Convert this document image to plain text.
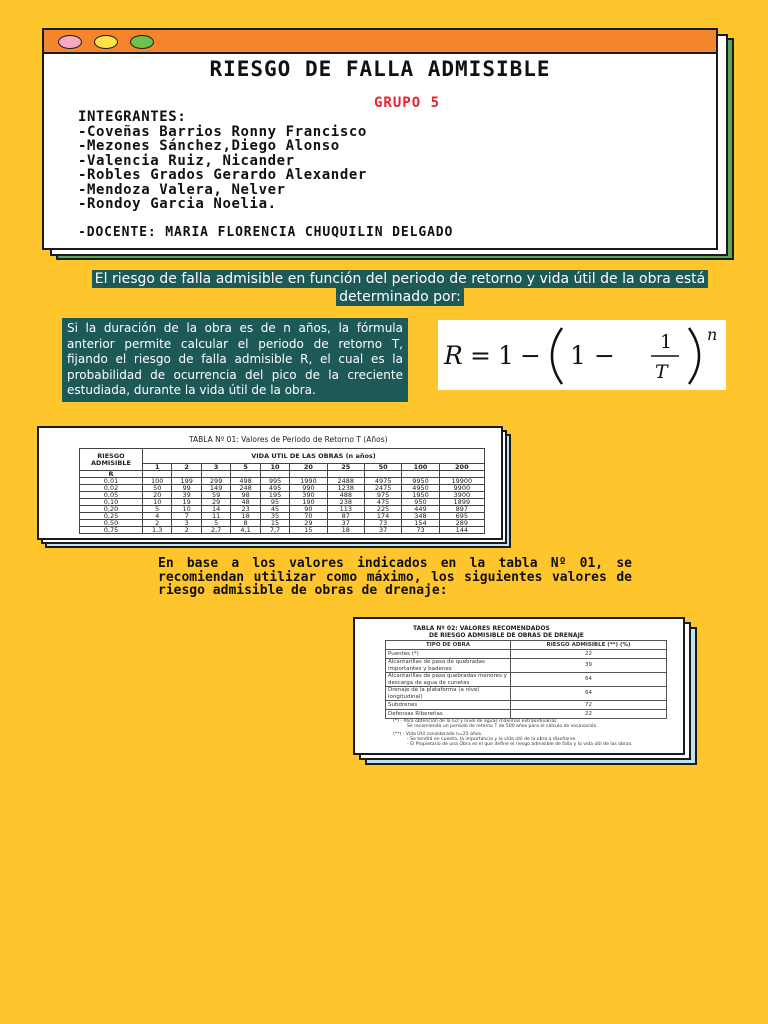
RIESGO DE FALLA ADMISIBLE
GRUPO 5
INTEGRANTES:
-Coveñas Barrios Ronny Francisco
-Mezones Sánchez,Diego Alonso
-Valencia Ruiz, Nicander
-Robles Grados Gerardo Alexander
-Mendoza Valera, Nelver
-Rondoy Garcia Noelia.
-DOCENTE: MARIA FLORENCIA CHUQUILIN DELGADO
El riesgo de falla admisible en función del periodo de retorno y vida útil de la obra está determinado por:
Si la duración de la obra es de n años, la fórmula anterior permite calcular el periodo de retorno T, fijando el riesgo de falla admisible R, el cual es la probabilidad de ocurrencia del pico de la creciente estudiada, durante la vida útil de la obra.
R = 1 − 1 − 1
T
n
TABLA Nº 01: Valores de Periodo de Retorno T (Años)
RIESGO ADMISIBLE	VIDA UTIL DE LAS OBRAS (n años)									
	1	2	3	5	10	20	25	50	100	200
R										
0,01	100	199	299	498	995	1990	2488	4975	9950	19900
0,02	50	99	149	248	495	990	1238	2475	4950	9900
0,05	20	39	59	98	195	390	488	975	1950	3900
0,10	10	19	29	48	95	190	238	475	950	1899
0,20	5	10	14	23	45	90	113	225	449	897
0,25	4	7	11	18	35	70	87	174	348	695
0,50	2	3	5	8	15	29	37	73	154	289
0,75	1,3	2	2,7	4,1	7,7	15	18	37	73	144
En base a los valores indicados en la tabla Nº 01, se recomiendan utilizar como máximo, los siguientes valores de riesgo admisible de obras de drenaje:
TABLA Nº 02: VALORES RECOMENDADOS
DE RIESGO ADMISIBLE DE OBRAS DE DRENAJE
TIPO DE OBRA	RIESGO ADMISIBLE (**) (%)
Puentes (*)	22
Alcantarillas de paso de quebradas importantes y badenes	39
Alcantarillas de paso quebradas menores y descarga de agua de cunetas	64
Drenaje de la plataforma (a nivel longitudinal)	64
Subdrenes	72
Defensas Ribereñas	22
(*) - Para obtención de la luz y nivel de aguas máximas extraordinarias.
Se recomienda un período de retorno T de 500 años para el cálculo de socavación.
(**) - Vida Útil considerado n=25 años.
- Se tendrá en cuenta, la importancia y la vida útil de la obra a diseñarse.
- El Propietario de una Obra es el que define el riesgo admisible de falla y la vida útil de las obras.
